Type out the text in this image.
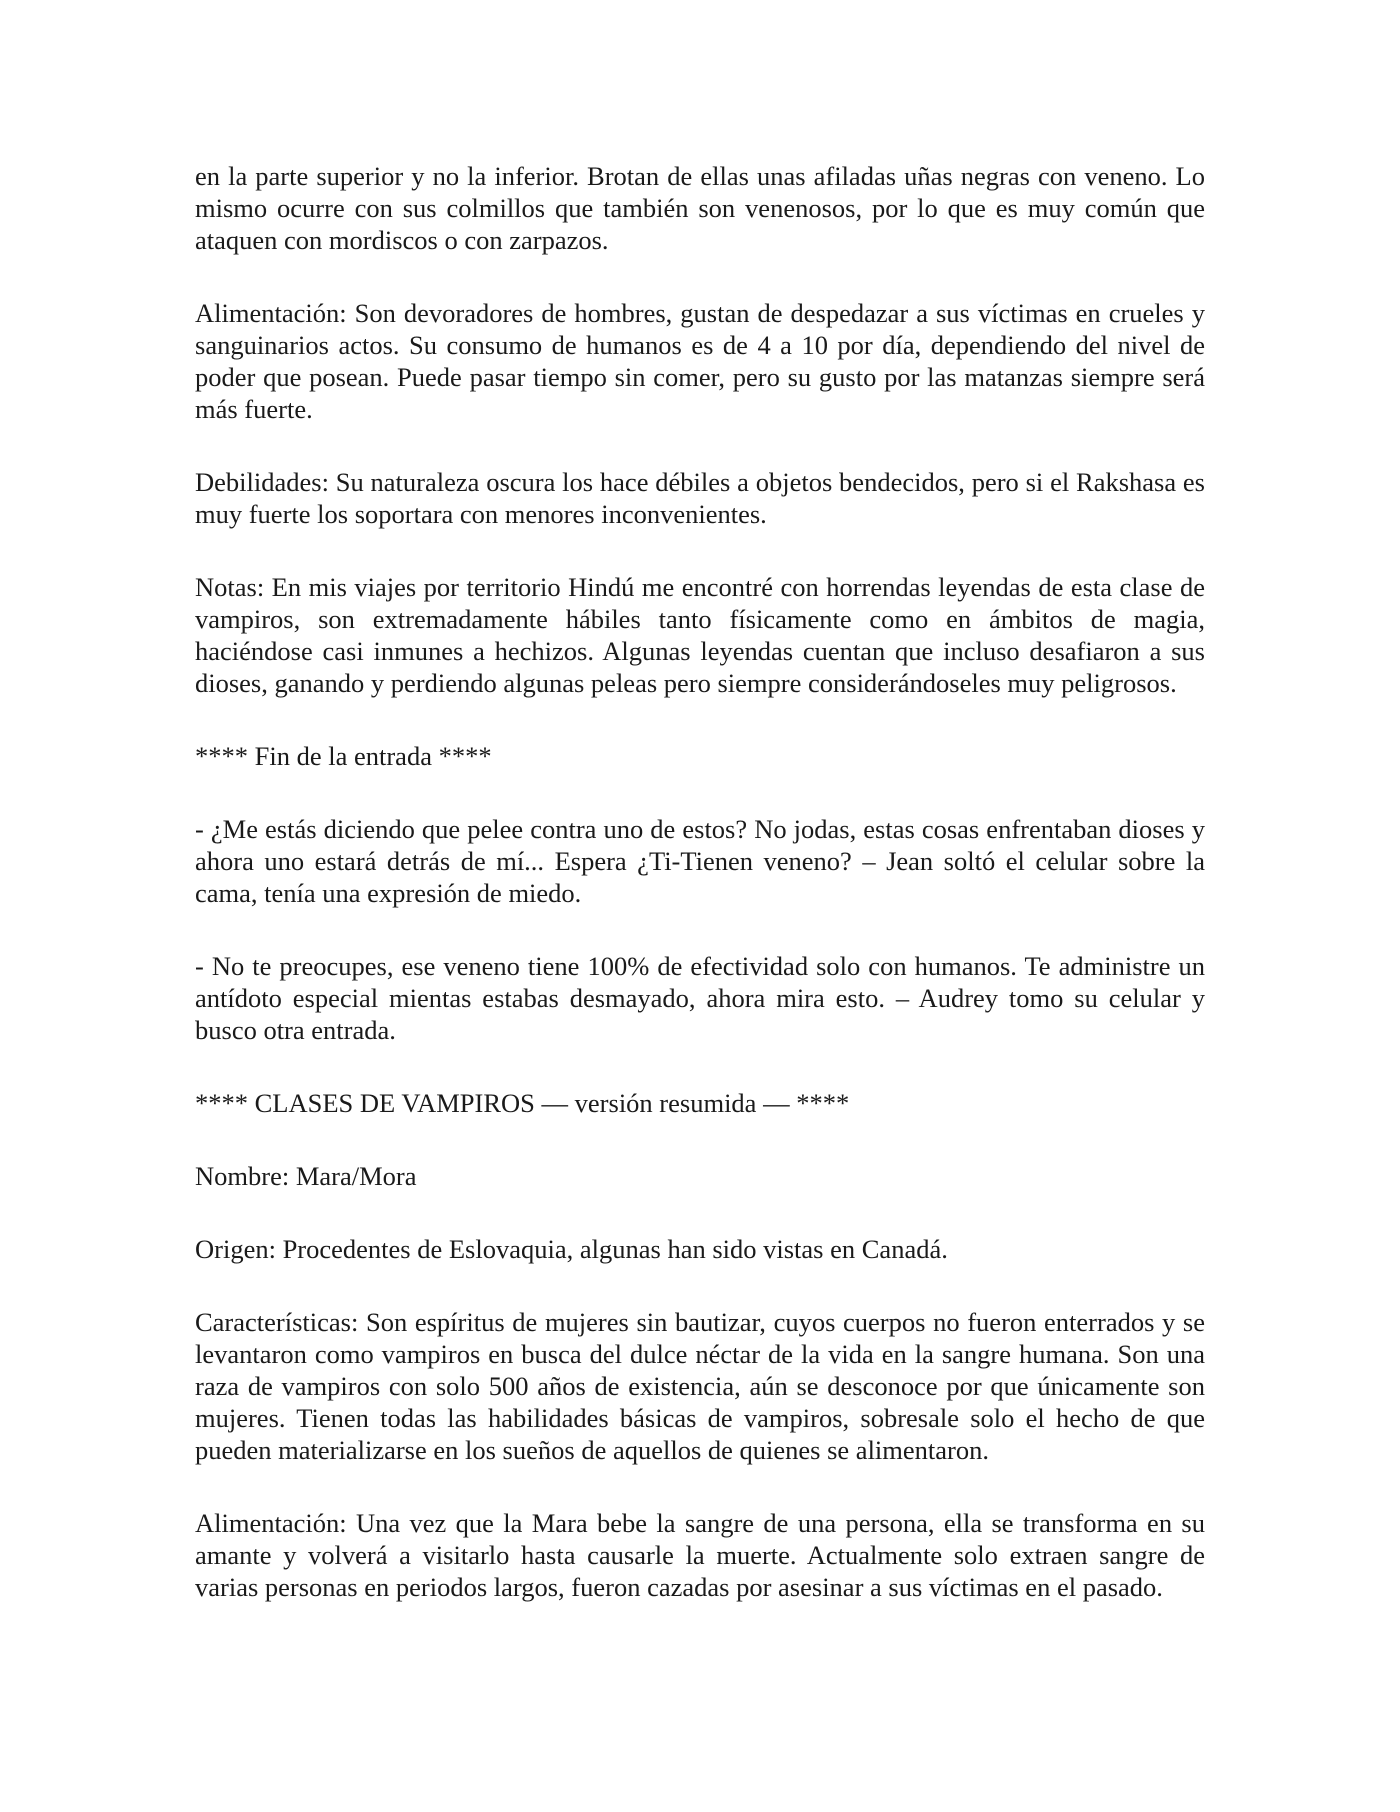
en la parte superior y no la inferior. Brotan de ellas unas afiladas uñas negras con veneno. Lo mismo ocurre con sus colmillos que también son venenosos, por lo que es muy común que ataquen con mordiscos o con zarpazos.

Alimentación: Son devoradores de hombres, gustan de despedazar a sus víctimas en crueles y sanguinarios actos. Su consumo de humanos es de 4 a 10 por día, dependiendo del nivel de poder que posean. Puede pasar tiempo sin comer, pero su gusto por las matanzas siempre será más fuerte.

Debilidades: Su naturaleza oscura los hace débiles a objetos bendecidos, pero si el Rakshasa es muy fuerte los soportara con menores inconvenientes.

Notas: En mis viajes por territorio Hindú me encontré con horrendas leyendas de esta clase de vampiros, son extremadamente hábiles tanto físicamente como en ámbitos de magia, haciéndose casi inmunes a hechizos. Algunas leyendas cuentan que incluso desafiaron a sus dioses, ganando y perdiendo algunas peleas pero siempre considerándoseles muy peligrosos.

**** Fin de la entrada ****

- ¿Me estás diciendo que pelee contra uno de estos? No jodas, estas cosas enfrentaban dioses y ahora uno estará detrás de mí... Espera ¿Ti-Tienen veneno? – Jean soltó el celular sobre la cama, tenía una expresión de miedo.

- No te preocupes, ese veneno tiene 100% de efectividad solo con humanos. Te administre un antídoto especial mientas estabas desmayado, ahora mira esto. – Audrey tomo su celular y busco otra entrada.

**** CLASES DE VAMPIROS — versión resumida — ****

Nombre: Mara/Mora

Origen: Procedentes de Eslovaquia, algunas han sido vistas en Canadá.

Características: Son espíritus de mujeres sin bautizar, cuyos cuerpos no fueron enterrados y se levantaron como vampiros en busca del dulce néctar de la vida en la sangre humana. Son una raza de vampiros con solo 500 años de existencia, aún se desconoce por que únicamente son mujeres. Tienen todas las habilidades básicas de vampiros, sobresale solo el hecho de que pueden materializarse en los sueños de aquellos de quienes se alimentaron.

Alimentación: Una vez que la Mara bebe la sangre de una persona, ella se transforma en su amante y volverá a visitarlo hasta causarle la muerte. Actualmente solo extraen sangre de varias personas en periodos largos, fueron cazadas por asesinar a sus víctimas en el pasado.
